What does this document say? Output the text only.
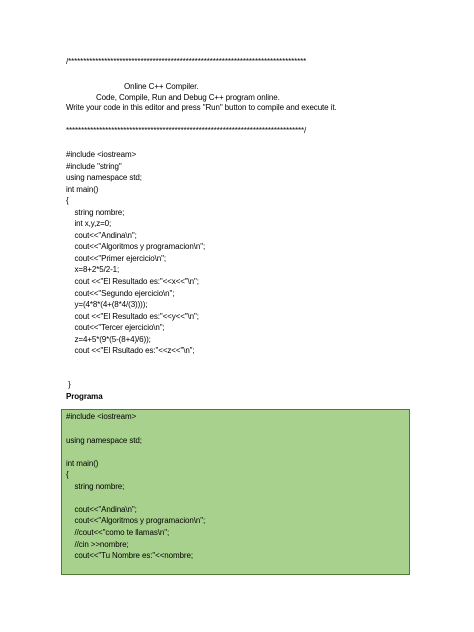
/*******************************************************************************
Online C++ Compiler.
Code, Compile, Run and Debug C++ program online.
Write your code in this editor and press "Run" button to compile and execute it.
*******************************************************************************/
#include <iostream>
#include "string"
using namespace std;
int main()
{
string nombre;
int x,y,z=0;
cout<<"Andina\n";
cout<<"Algoritmos y programacion\n";
cout<<"Primer ejercicio\n";
x=8+2*5/2-1;
cout <<"El Resultado es:"<<x<<"\n";
cout<<"Segundo ejercicio\n";
y=(4*8*(4+(8*4/(3))));
cout <<"El Resultado es:"<<y<<"\n";
cout<<"Tercer ejercicio\n";
z=4+5*(9*(5-(8+4)/6));
cout <<"El Rsultado es:"<<z<<"\n";
}
Programa
#include <iostream>
using namespace std;
int main()
{
string nombre;
cout<<"Andina\n";
cout<<"Algoritmos y programacion\n";
//cout<<"como te llamas\n";
//cin >>nombre;
cout<<"Tu Nombre es:"<<nombre;
